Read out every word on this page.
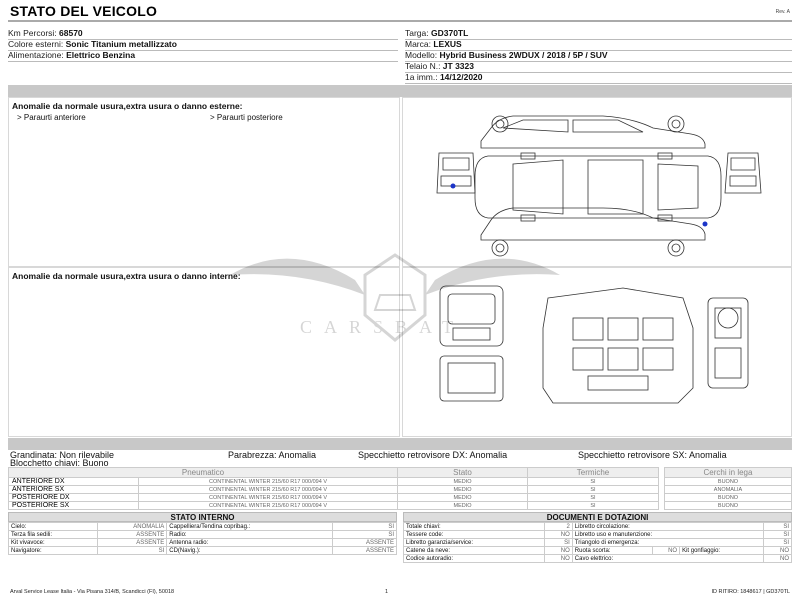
STATO DEL VEICOLO	Rev. A
Km Percorsi: 68570
Colore esterni: Sonic Titanium metallizzato
Alimentazione: Elettrico Benzina
Targa: GD370TL
Marca: LEXUS
Modello: Hybrid Business 2WDUX / 2018 / 5P / SUV
Telaio N.: JT 3323
1a imm.: 14/12/2020
Anomalie da normale usura,extra usura o danno esterne:
> Paraurti anteriore	> Paraurti posteriore
Anomalie da normale usura,extra usura o danno interne:
CARSBAT
Grandinata: Non rilevabile
Blocchetto chiavi: Buono
Parabrezza: Anomalia	Specchietto retrovisore DX: Anomalia	Specchietto retrovisore SX: Anomalia
Pneumatico		Stato	Termiche
ANTERIORE DX	CONTINENTAL WINTER 215/60 R17 000/094 V	MEDIO	SI
ANTERIORE SX	CONTINENTAL WINTER 215/60 R17 000/094 V	MEDIO	SI
POSTERIORE DX	CONTINENTAL WINTER 215/60 R17 000/094 V	MEDIO	SI
POSTERIORE SX	CONTINENTAL WINTER 215/60 R17 000/094 V	MEDIO	SI
Cerchi in lega
BUONO
ANOMALIA
BUONO
BUONO
STATO INTERNO
Cielo:	ANOMALIA	Cappelliera/Tendina copribag.:	SI
Terza fila sedili:	ASSENTE	Radio:	SI
Kit vivavoce:	ASSENTE	Antenna radio:	ASSENTE
Navigatore:	SI	CD(Navig.):	ASSENTE
DOCUMENTI E DOTAZIONI
Totale chiavi:	2	Libretto circolazione:			SI
Tessere code:	NO	Libretto uso e manutenzione:			SI
Libretto garanzia/service:	SI	Triangolo di emergenza:			SI
Catene da neve:	NO	Ruota scorta:	NO	Kit gonfiaggio:	NO
Codice autoradio:	NO	Cavo elettrico:			NO
Arval Service Lease Italia - Via Pisana 314/B, Scandicci (FI), 50018	1	ID RITIRO: 1848617 | GD370TL
